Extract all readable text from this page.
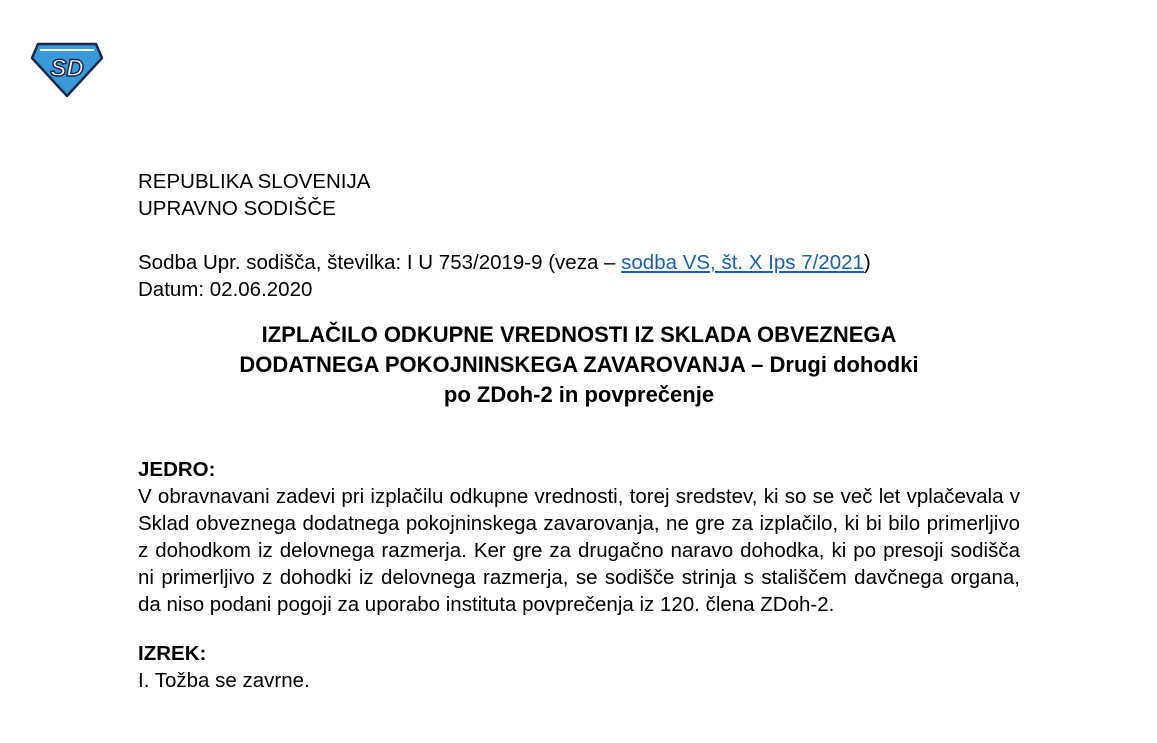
SD

REPUBLIKA SLOVENIJA

UPRAVNO SODIŠČE

Sodba Upr. sodišča, številka: I U 753/2019-9 (veza – sodba VS, št. X Ips 7/2021)

Datum: 02.06.2020

IZPLAČILO ODKUPNE VREDNOSTI IZ SKLADA OBVEZNEGA

DODATNEGA POKOJNINSKEGA ZAVAROVANJA – Drugi dohodki

po ZDoh-2 in povprečenje

JEDRO:

V obravnavani zadevi pri izplačilu odkupne vrednosti, torej sredstev, ki so se več let vplačevala v Sklad obveznega dodatnega pokojninskega zavarovanja, ne gre za izplačilo, ki bi bilo primerljivo z dohodkom iz delovnega razmerja. Ker gre za drugačno naravo dohodka, ki po presoji sodišča ni primerljivo z dohodki iz delovnega razmerja, se sodišče strinja s stališčem davčnega organa, da niso podani pogoji za uporabo instituta povprečenja iz 120. člena ZDoh-2.

IZREK:

I. Tožba se zavrne.
